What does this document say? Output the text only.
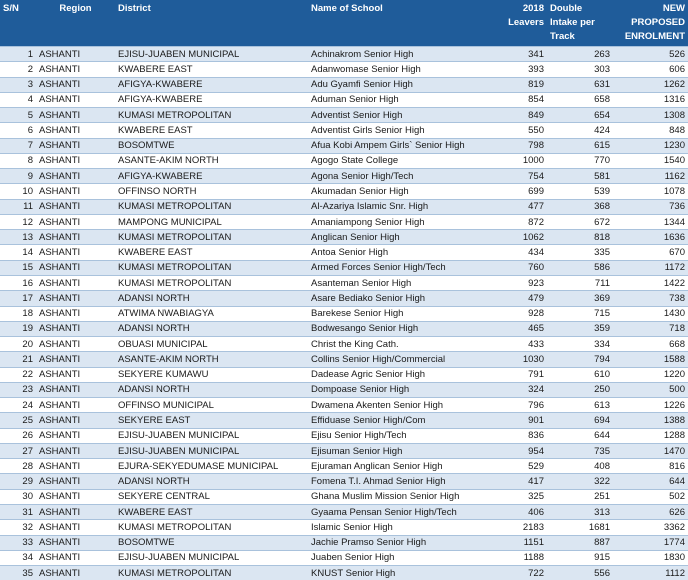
S/N	Region	District	Name of School	2018 Leavers	Double Intake per Track	NEW PROPOSED ENROLMENT
1	ASHANTI	EJISU-JUABEN MUNICIPAL	Achinakrom Senior High	341	263	526
2	ASHANTI	KWABERE EAST	Adanwomase Senior High	393	303	606
3	ASHANTI	AFIGYA-KWABERE	Adu Gyamfi Senior High	819	631	1262
4	ASHANTI	AFIGYA-KWABERE	Aduman Senior High	854	658	1316
5	ASHANTI	KUMASI METROPOLITAN	Adventist Senior High	849	654	1308
6	ASHANTI	KWABERE EAST	Adventist Girls Senior High	550	424	848
7	ASHANTI	BOSOMTWE	Afua Kobi Ampem Girls` Senior High	798	615	1230
8	ASHANTI	ASANTE-AKIM NORTH	Agogo State College	1000	770	1540
9	ASHANTI	AFIGYA-KWABERE	Agona Senior High/Tech	754	581	1162
10	ASHANTI	OFFINSO NORTH	Akumadan Senior High	699	539	1078
11	ASHANTI	KUMASI METROPOLITAN	Al-Azariya Islamic Snr. High	477	368	736
12	ASHANTI	MAMPONG MUNICIPAL	Amaniampong Senior High	872	672	1344
13	ASHANTI	KUMASI METROPOLITAN	Anglican Senior High	1062	818	1636
14	ASHANTI	KWABERE EAST	Antoa Senior High	434	335	670
15	ASHANTI	KUMASI METROPOLITAN	Armed Forces Senior High/Tech	760	586	1172
16	ASHANTI	KUMASI METROPOLITAN	Asanteman Senior High	923	711	1422
17	ASHANTI	ADANSI NORTH	Asare Bediako Senior High	479	369	738
18	ASHANTI	ATWIMA NWABIAGYA	Barekese Senior High	928	715	1430
19	ASHANTI	ADANSI NORTH	Bodwesango Senior High	465	359	718
20	ASHANTI	OBUASI MUNICIPAL	Christ the King Cath.	433	334	668
21	ASHANTI	ASANTE-AKIM NORTH	Collins Senior High/Commercial	1030	794	1588
22	ASHANTI	SEKYERE KUMAWU	Dadease Agric Senior High	791	610	1220
23	ASHANTI	ADANSI NORTH	Dompoase Senior High	324	250	500
24	ASHANTI	OFFINSO MUNICIPAL	Dwamena Akenten Senior High	796	613	1226
25	ASHANTI	SEKYERE EAST	Effiduase Senior High/Com	901	694	1388
26	ASHANTI	EJISU-JUABEN MUNICIPAL	Ejisu Senior High/Tech	836	644	1288
27	ASHANTI	EJISU-JUABEN MUNICIPAL	Ejisuman Senior High	954	735	1470
28	ASHANTI	EJURA-SEKYEDUMASE MUNICIPAL	Ejuraman Anglican Senior High	529	408	816
29	ASHANTI	ADANSI NORTH	Fomena T.I. Ahmad Senior High	417	322	644
30	ASHANTI	SEKYERE CENTRAL	Ghana Muslim Mission Senior High	325	251	502
31	ASHANTI	KWABERE EAST	Gyaama Pensan Senior High/Tech	406	313	626
32	ASHANTI	KUMASI METROPOLITAN	Islamic Senior High	2183	1681	3362
33	ASHANTI	BOSOMTWE	Jachie Pramso Senior High	1151	887	1774
34	ASHANTI	EJISU-JUABEN MUNICIPAL	Juaben Senior High	1188	915	1830
35	ASHANTI	KUMASI METROPOLITAN	KNUST Senior High	722	556	1112
